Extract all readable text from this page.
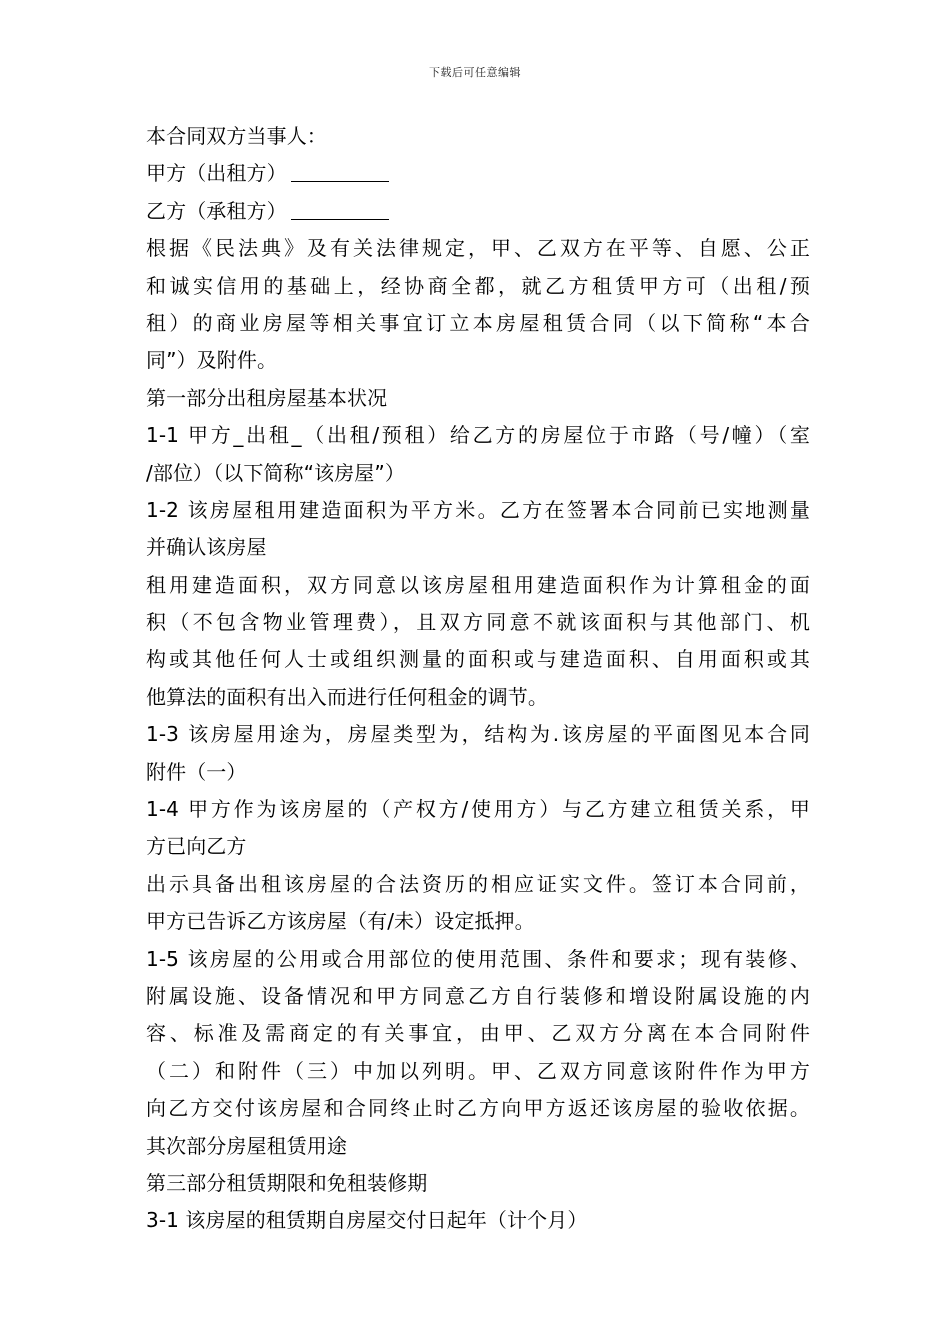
下载后可任意编辑
本合同双方当事人：
甲方（出租方）
乙方（承租方）
根据《民法典》及有关法律规定，甲、乙双方在平等、自愿、公正
和诚实信用的基础上，经协商全都，就乙方租赁甲方可（出租/预
租）的商业房屋等相关事宜订立本房屋租赁合同（以下简称“本合
同”）及附件。
第一部分出租房屋基本状况
1-1 甲方_出租_（出租/预租）给乙方的房屋位于市路（号/幢）（室
/部位）（以下简称“该房屋”）
1-2 该房屋租用建造面积为平方米。乙方在签署本合同前已实地测量
并确认该房屋
租用建造面积，双方同意以该房屋租用建造面积作为计算租金的面
积（不包含物业管理费），且双方同意不就该面积与其他部门、机
构或其他任何人士或组织测量的面积或与建造面积、自用面积或其
他算法的面积有出入而进行任何租金的调节。
1-3 该房屋用途为，房屋类型为，结构为.该房屋的平面图见本合同
附件（一）
1-4 甲方作为该房屋的（产权方/使用方）与乙方建立租赁关系，甲
方已向乙方
出示具备出租该房屋的合法资历的相应证实文件。签订本合同前，
甲方已告诉乙方该房屋（有/未）设定抵押。
1-5 该房屋的公用或合用部位的使用范围、条件和要求；现有装修、
附属设施、设备情况和甲方同意乙方自行装修和增设附属设施的内
容、标准及需商定的有关事宜，由甲、乙双方分离在本合同附件
（二）和附件（三）中加以列明。甲、乙双方同意该附件作为甲方
向乙方交付该房屋和合同终止时乙方向甲方返还该房屋的验收依据。
其次部分房屋租赁用途
第三部分租赁期限和免租装修期
3-1 该房屋的租赁期自房屋交付日起年（计个月）
